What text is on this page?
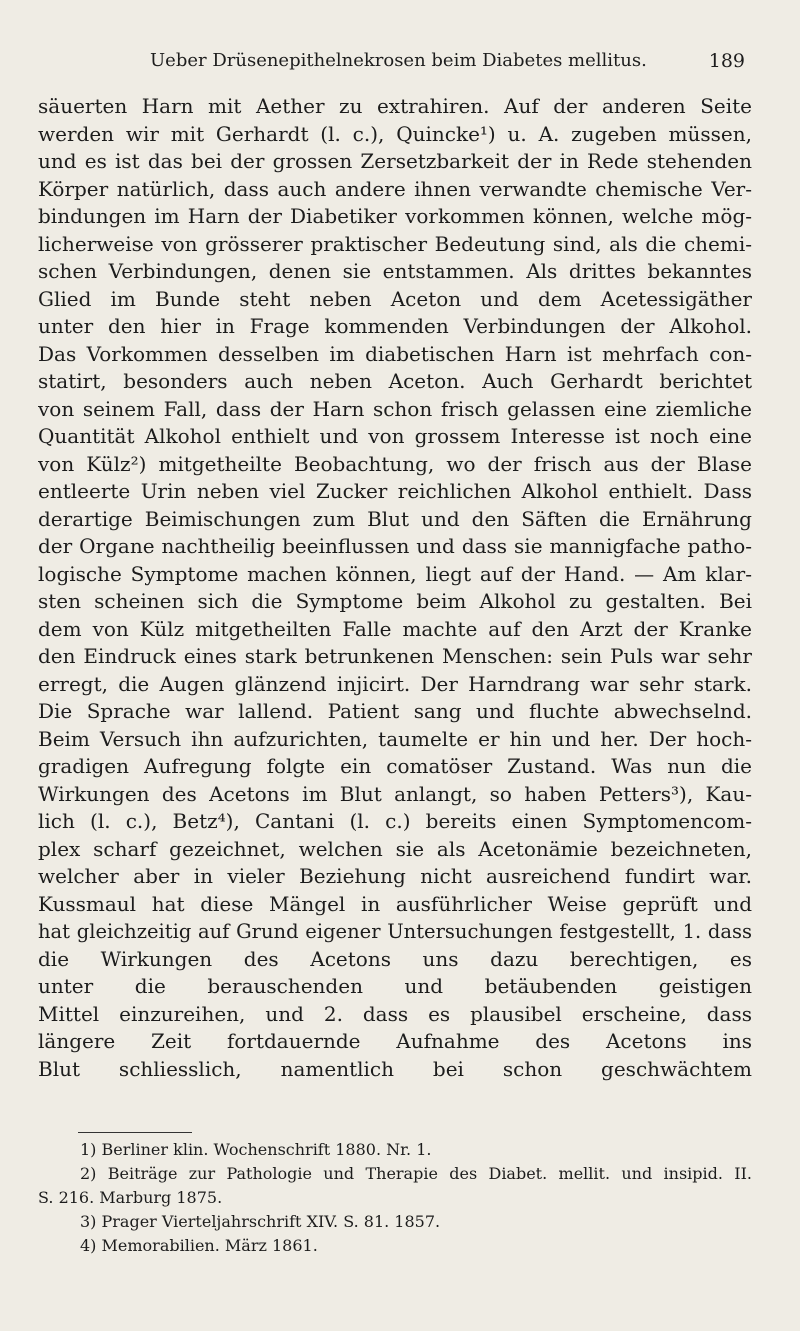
Ueber Drüsenepithelnekrosen beim Diabetes mellitus.	189
säuerten Harn mit Aether zu extrahiren. Auf der anderen Seite
werden wir mit Gerhardt (l. c.), Quincke¹) u. A. zugeben müssen,
und es ist das bei der grossen Zersetzbarkeit der in Rede stehenden
Körper natürlich, dass auch andere ihnen verwandte chemische Ver-
bindungen im Harn der Diabetiker vorkommen können, welche mög-
licherweise von grösserer praktischer Bedeutung sind, als die chemi-
schen Verbindungen, denen sie entstammen. Als drittes bekanntes
Glied im Bunde steht neben Aceton und dem Acetessigäther
unter den hier in Frage kommenden Verbindungen der Alkohol.
Das Vorkommen desselben im diabetischen Harn ist mehrfach con-
statirt, besonders auch neben Aceton. Auch Gerhardt berichtet
von seinem Fall, dass der Harn schon frisch gelassen eine ziemliche
Quantität Alkohol enthielt und von grossem Interesse ist noch eine
von Külz²) mitgetheilte Beobachtung, wo der frisch aus der Blase
entleerte Urin neben viel Zucker reichlichen Alkohol enthielt. Dass
derartige Beimischungen zum Blut und den Säften die Ernährung
der Organe nachtheilig beeinflussen und dass sie mannigfache patho-
logische Symptome machen können, liegt auf der Hand. — Am klar-
sten scheinen sich die Symptome beim Alkohol zu gestalten. Bei
dem von Külz mitgetheilten Falle machte auf den Arzt der Kranke
den Eindruck eines stark betrunkenen Menschen: sein Puls war sehr
erregt, die Augen glänzend injicirt. Der Harndrang war sehr stark.
Die Sprache war lallend. Patient sang und fluchte abwechselnd.
Beim Versuch ihn aufzurichten, taumelte er hin und her. Der hoch-
gradigen Aufregung folgte ein comatöser Zustand. Was nun die
Wirkungen des Acetons im Blut anlangt, so haben Petters³), Kau-
lich (l. c.), Betz⁴), Cantani (l. c.) bereits einen Symptomencom-
plex scharf gezeichnet, welchen sie als Acetonämie bezeichneten,
welcher aber in vieler Beziehung nicht ausreichend fundirt war.
Kussmaul hat diese Mängel in ausführlicher Weise geprüft und
hat gleichzeitig auf Grund eigener Untersuchungen festgestellt, 1. dass
die Wirkungen des Acetons uns dazu berechtigen, es
unter die berauschenden und betäubenden geistigen
Mittel einzureihen, und 2. dass es plausibel erscheine, dass
längere Zeit fortdauernde Aufnahme des Acetons ins
Blut schliesslich, namentlich bei schon geschwächtem
1) Berliner klin. Wochenschrift 1880. Nr. 1.
2) Beiträge zur Pathologie und Therapie des Diabet. mellit. und insipid. II.
S. 216. Marburg 1875.
3) Prager Vierteljahrschrift XIV. S. 81. 1857.
4) Memorabilien. März 1861.
